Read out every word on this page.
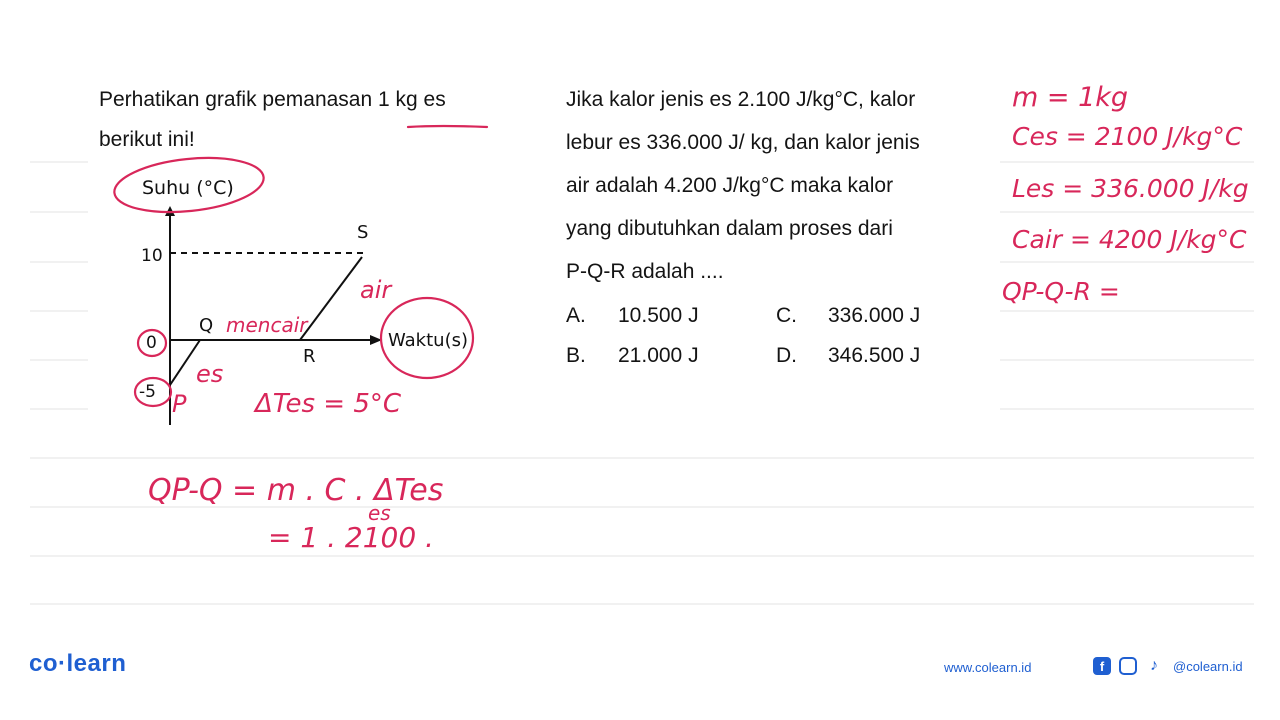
Perhatikan grafik pemanasan 1 kg es
berikut ini!
Jika kalor jenis es 2.100 J/kg°C, kalor
lebur es 336.000 J/ kg, dan kalor jenis
air adalah 4.200 J/kg°C maka kalor
yang dibutuhkan dalam proses dari
P-Q-R adalah ....
A. 10.500 J	C. 336.000 J
B. 21.000 J	D. 346.500 J
Suhu (°C)
Waktu(s)
10
0
-5
S
Q
R
air
mencair
es
P	ΔTes = 5°C
m = 1kg
Ces = 2100 J/kg°C
Les = 336.000 J/kg
Cair = 4200 J/kg°C
QP-Q-R =
QP-Q = m . C . ΔTes
es
= 1 . 2100 .
co·learn	www.colearn.id	f	♪	@colearn.id
